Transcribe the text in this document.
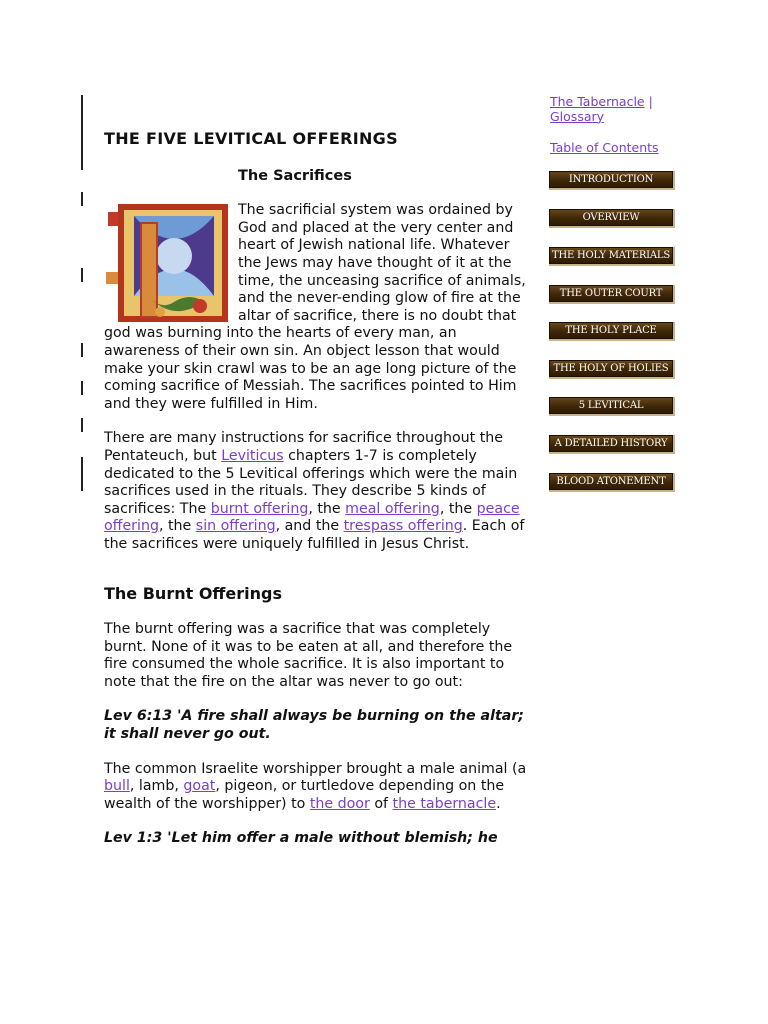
THE FIVE LEVITICAL OFFERINGS
The Sacrifices
The sacrificial system was ordained by God and placed at the very center and heart of Jewish national life. Whatever the Jews may have thought of it at the time, the unceasing sacrifice of animals, and the never-ending glow of fire at the altar of sacrifice, there is no doubt that god was burning into the hearts of every man, an awareness of their own sin. An object lesson that would make your skin crawl was to be an age long picture of the coming sacrifice of Messiah. The sacrifices pointed to Him and they were fulfilled in Him.

There are many instructions for sacrifice throughout the Pentateuch, but Leviticus chapters 1-7 is completely dedicated to the 5 Levitical offerings which were the main sacrifices used in the rituals. They describe 5 kinds of sacrifices: The burnt offering, the meal offering, the peace offering, the sin offering, and the trespass offering. Each of the sacrifices were uniquely fulfilled in Jesus Christ.

The Burnt Offerings

The burnt offering was a sacrifice that was completely burnt. None of it was to be eaten at all, and therefore the fire consumed the whole sacrifice. It is also important to note that the fire on the altar was never to go out:

Lev 6:13 'A fire shall always be burning on the altar; it shall never go out.

The common Israelite worshipper brought a male animal (a bull, lamb, goat, pigeon, or turtledove depending on the wealth of the worshipper) to the door of the tabernacle.

Lev 1:3 'Let him offer a male without blemish; he

The Tabernacle | Glossary
Table of Contents
INTRODUCTION
OVERVIEW
THE HOLY MATERIALS
THE OUTER COURT
THE HOLY PLACE
THE HOLY OF HOLIES
5 LEVITICAL OFFERINGS
A DETAILED HISTORY
BLOOD ATONEMENT
